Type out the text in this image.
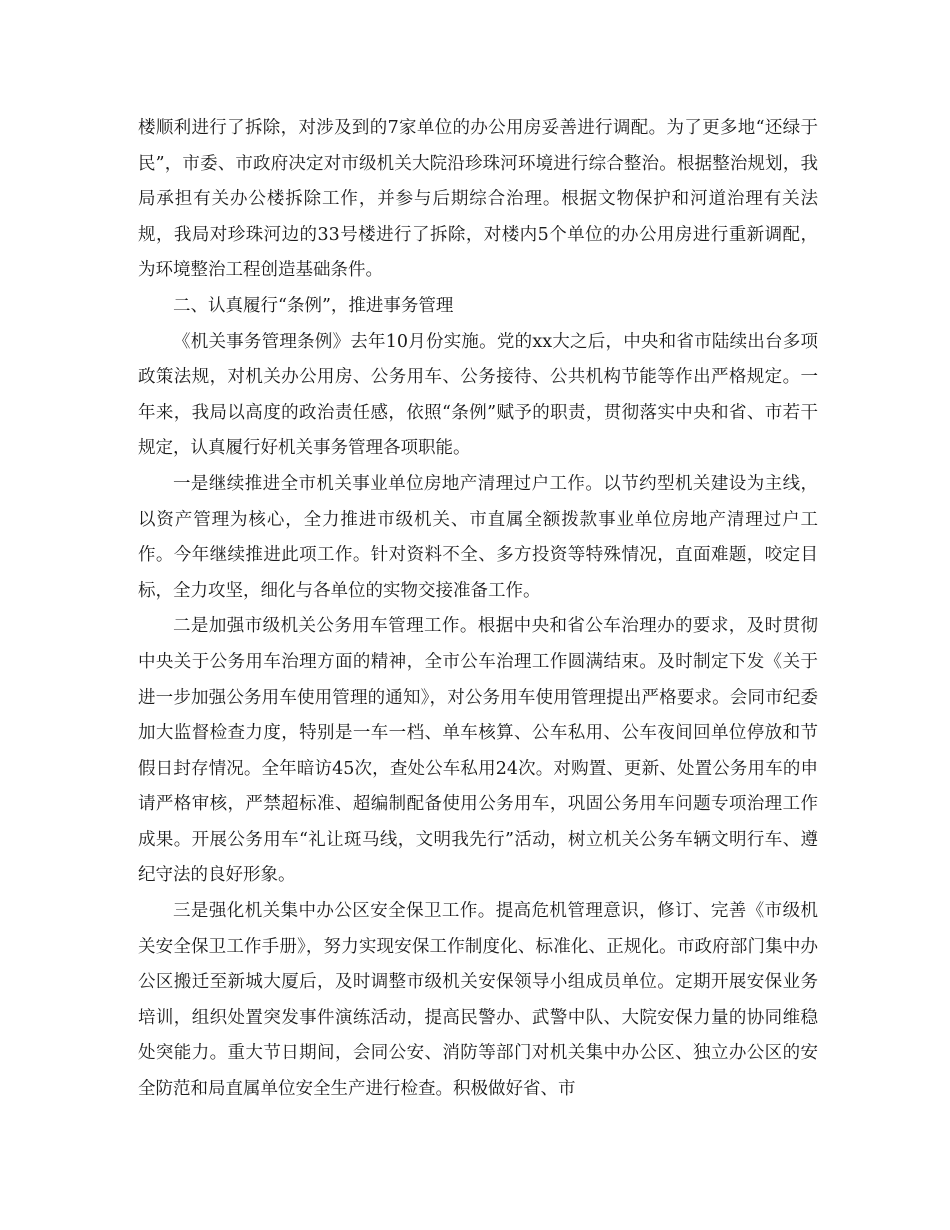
楼顺利进行了拆除，对涉及到的7家单位的办公用房妥善进行调配。为了更多地“还绿于民”，市委、市政府决定对市级机关大院沿珍珠河环境进行综合整治。根据整治规划，我局承担有关办公楼拆除工作，并参与后期综合治理。根据文物保护和河道治理有关法规，我局对珍珠河边的33号楼进行了拆除，对楼内5个单位的办公用房进行重新调配，为环境整治工程创造基础条件。

二、认真履行“条例”，推进事务管理

《机关事务管理条例》去年10月份实施。党的xx大之后，中央和省市陆续出台多项政策法规，对机关办公用房、公务用车、公务接待、公共机构节能等作出严格规定。一年来，我局以高度的政治责任感，依照“条例”赋予的职责，贯彻落实中央和省、市若干规定，认真履行好机关事务管理各项职能。

一是继续推进全市机关事业单位房地产清理过户工作。以节约型机关建设为主线，以资产管理为核心，全力推进市级机关、市直属全额拨款事业单位房地产清理过户工作。今年继续推进此项工作。针对资料不全、多方投资等特殊情况，直面难题，咬定目标，全力攻坚，细化与各单位的实物交接准备工作。

二是加强市级机关公务用车管理工作。根据中央和省公车治理办的要求，及时贯彻中央关于公务用车治理方面的精神，全市公车治理工作圆满结束。及时制定下发《关于进一步加强公务用车使用管理的通知》，对公务用车使用管理提出严格要求。会同市纪委加大监督检查力度，特别是一车一档、单车核算、公车私用、公车夜间回单位停放和节假日封存情况。全年暗访45次，查处公车私用24次。对购置、更新、处置公务用车的申请严格审核，严禁超标准、超编制配备使用公务用车，巩固公务用车问题专项治理工作成果。开展公务用车“礼让斑马线，文明我先行”活动，树立机关公务车辆文明行车、遵纪守法的良好形象。

三是强化机关集中办公区安全保卫工作。提高危机管理意识，修订、完善《市级机关安全保卫工作手册》，努力实现安保工作制度化、标准化、正规化。市政府部门集中办公区搬迁至新城大厦后，及时调整市级机关安保领导小组成员单位。定期开展安保业务培训，组织处置突发事件演练活动，提高民警办、武警中队、大院安保力量的协同维稳处突能力。重大节日期间，会同公安、消防等部门对机关集中办公区、独立办公区的安全防范和局直属单位安全生产进行检查。积极做好省、市
